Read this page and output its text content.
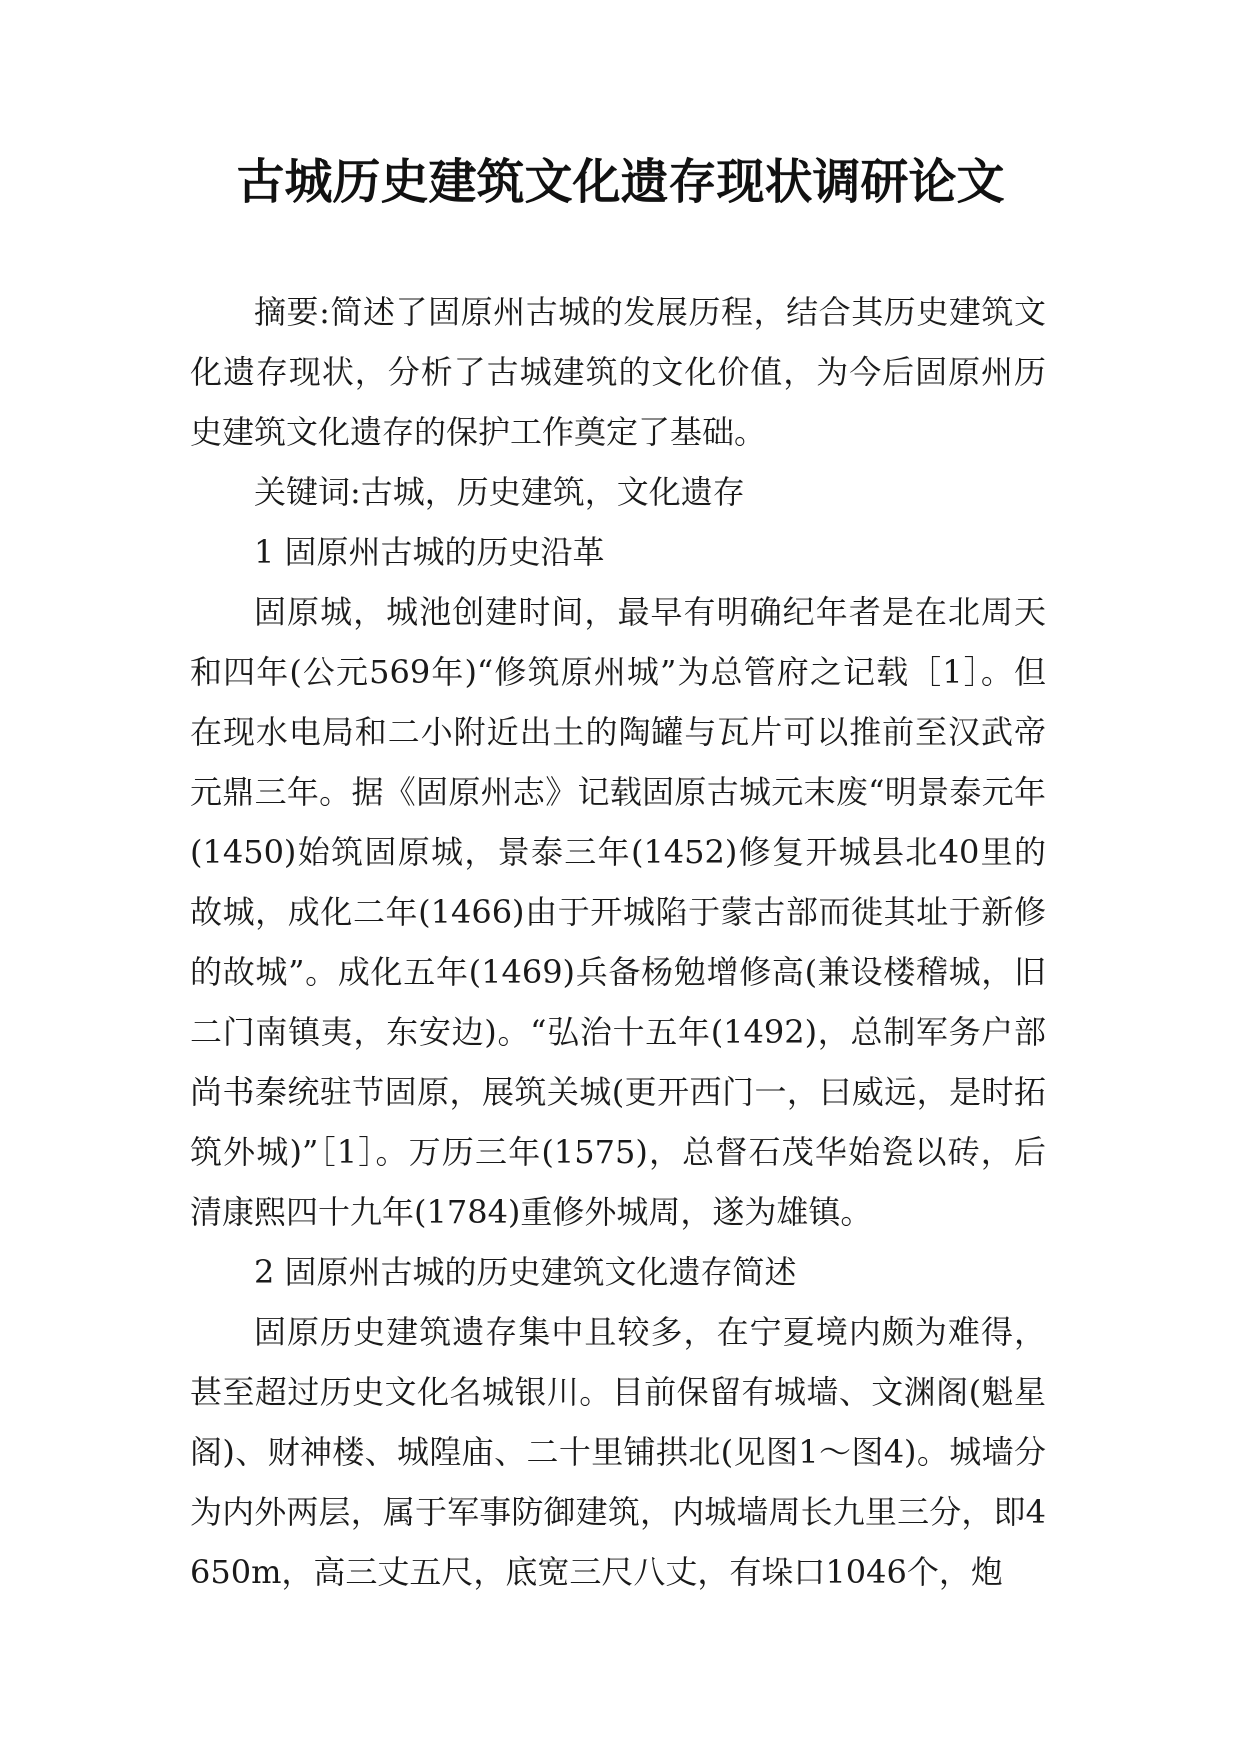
古城历史建筑文化遗存现状调研论文

摘要:简述了固原州古城的发展历程，结合其历史建筑文化遗存现状，分析了古城建筑的文化价值，为今后固原州历史建筑文化遗存的保护工作奠定了基础。

关键词:古城，历史建筑，文化遗存

1 固原州古城的历史沿革

固原城，城池创建时间，最早有明确纪年者是在北周天和四年(公元569年)“修筑原州城”为总管府之记载［1］。但在现水电局和二小附近出土的陶罐与瓦片可以推前至汉武帝元鼎三年。据《固原州志》记载固原古城元末废“明景泰元年(1450)始筑固原城，景泰三年(1452)修复开城县北40里的故城，成化二年(1466)由于开城陷于蒙古部而徙其址于新修的故城”。成化五年(1469)兵备杨勉增修高(兼设楼稽城，旧二门南镇夷，东安边)。“弘治十五年(1492)，总制军务户部尚书秦统驻节固原，展筑关城(更开西门一，曰威远，是时拓筑外城)”［1］。万历三年(1575)，总督石茂华始瓷以砖，后清康熙四十九年(1784)重修外城周，遂为雄镇。

2 固原州古城的历史建筑文化遗存简述

固原历史建筑遗存集中且较多，在宁夏境内颇为难得，甚至超过历史文化名城银川。目前保留有城墙、文渊阁(魁星阁)、财神楼、城隍庙、二十里铺拱北(见图1～图4)。城墙分为内外两层，属于军事防御建筑，内城墙周长九里三分，即4650m，高三丈五尺，底宽三尺八丈，有垛口1046个，炮
